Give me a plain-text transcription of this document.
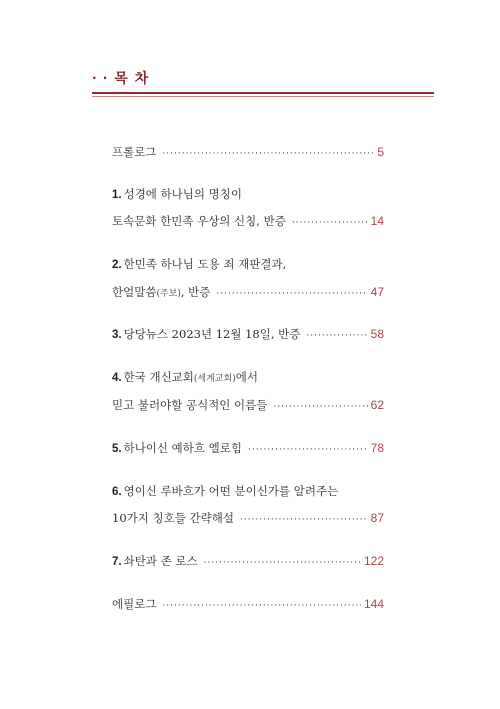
· · 목 차
프롤로그 ·····	5
1. 성경에 하나님의 명칭이
토속문화 한민족 우상의 신칭, 반증 ·····	14
2. 한민족 하나님 도용 죄 재판결과,
한얼말씀 (주보) , 반증 ·····	47
3. 당당뉴스 2023년 12월 18일, 반증 ·····	58
4. 한국 개신교회 (세계교회) 에서
믿고 불러야할 공식적인 이름들 ·····	62
5. 하나이신 예하흐 엘로힘 ·····	78
6. 영이신 루바흐가 어떤 분이신가를 알려주는
10가지 칭호들 간략해설 ·····	87
7. 솨탄과 존 로스 ·····	122
에필로그 ·····	144
